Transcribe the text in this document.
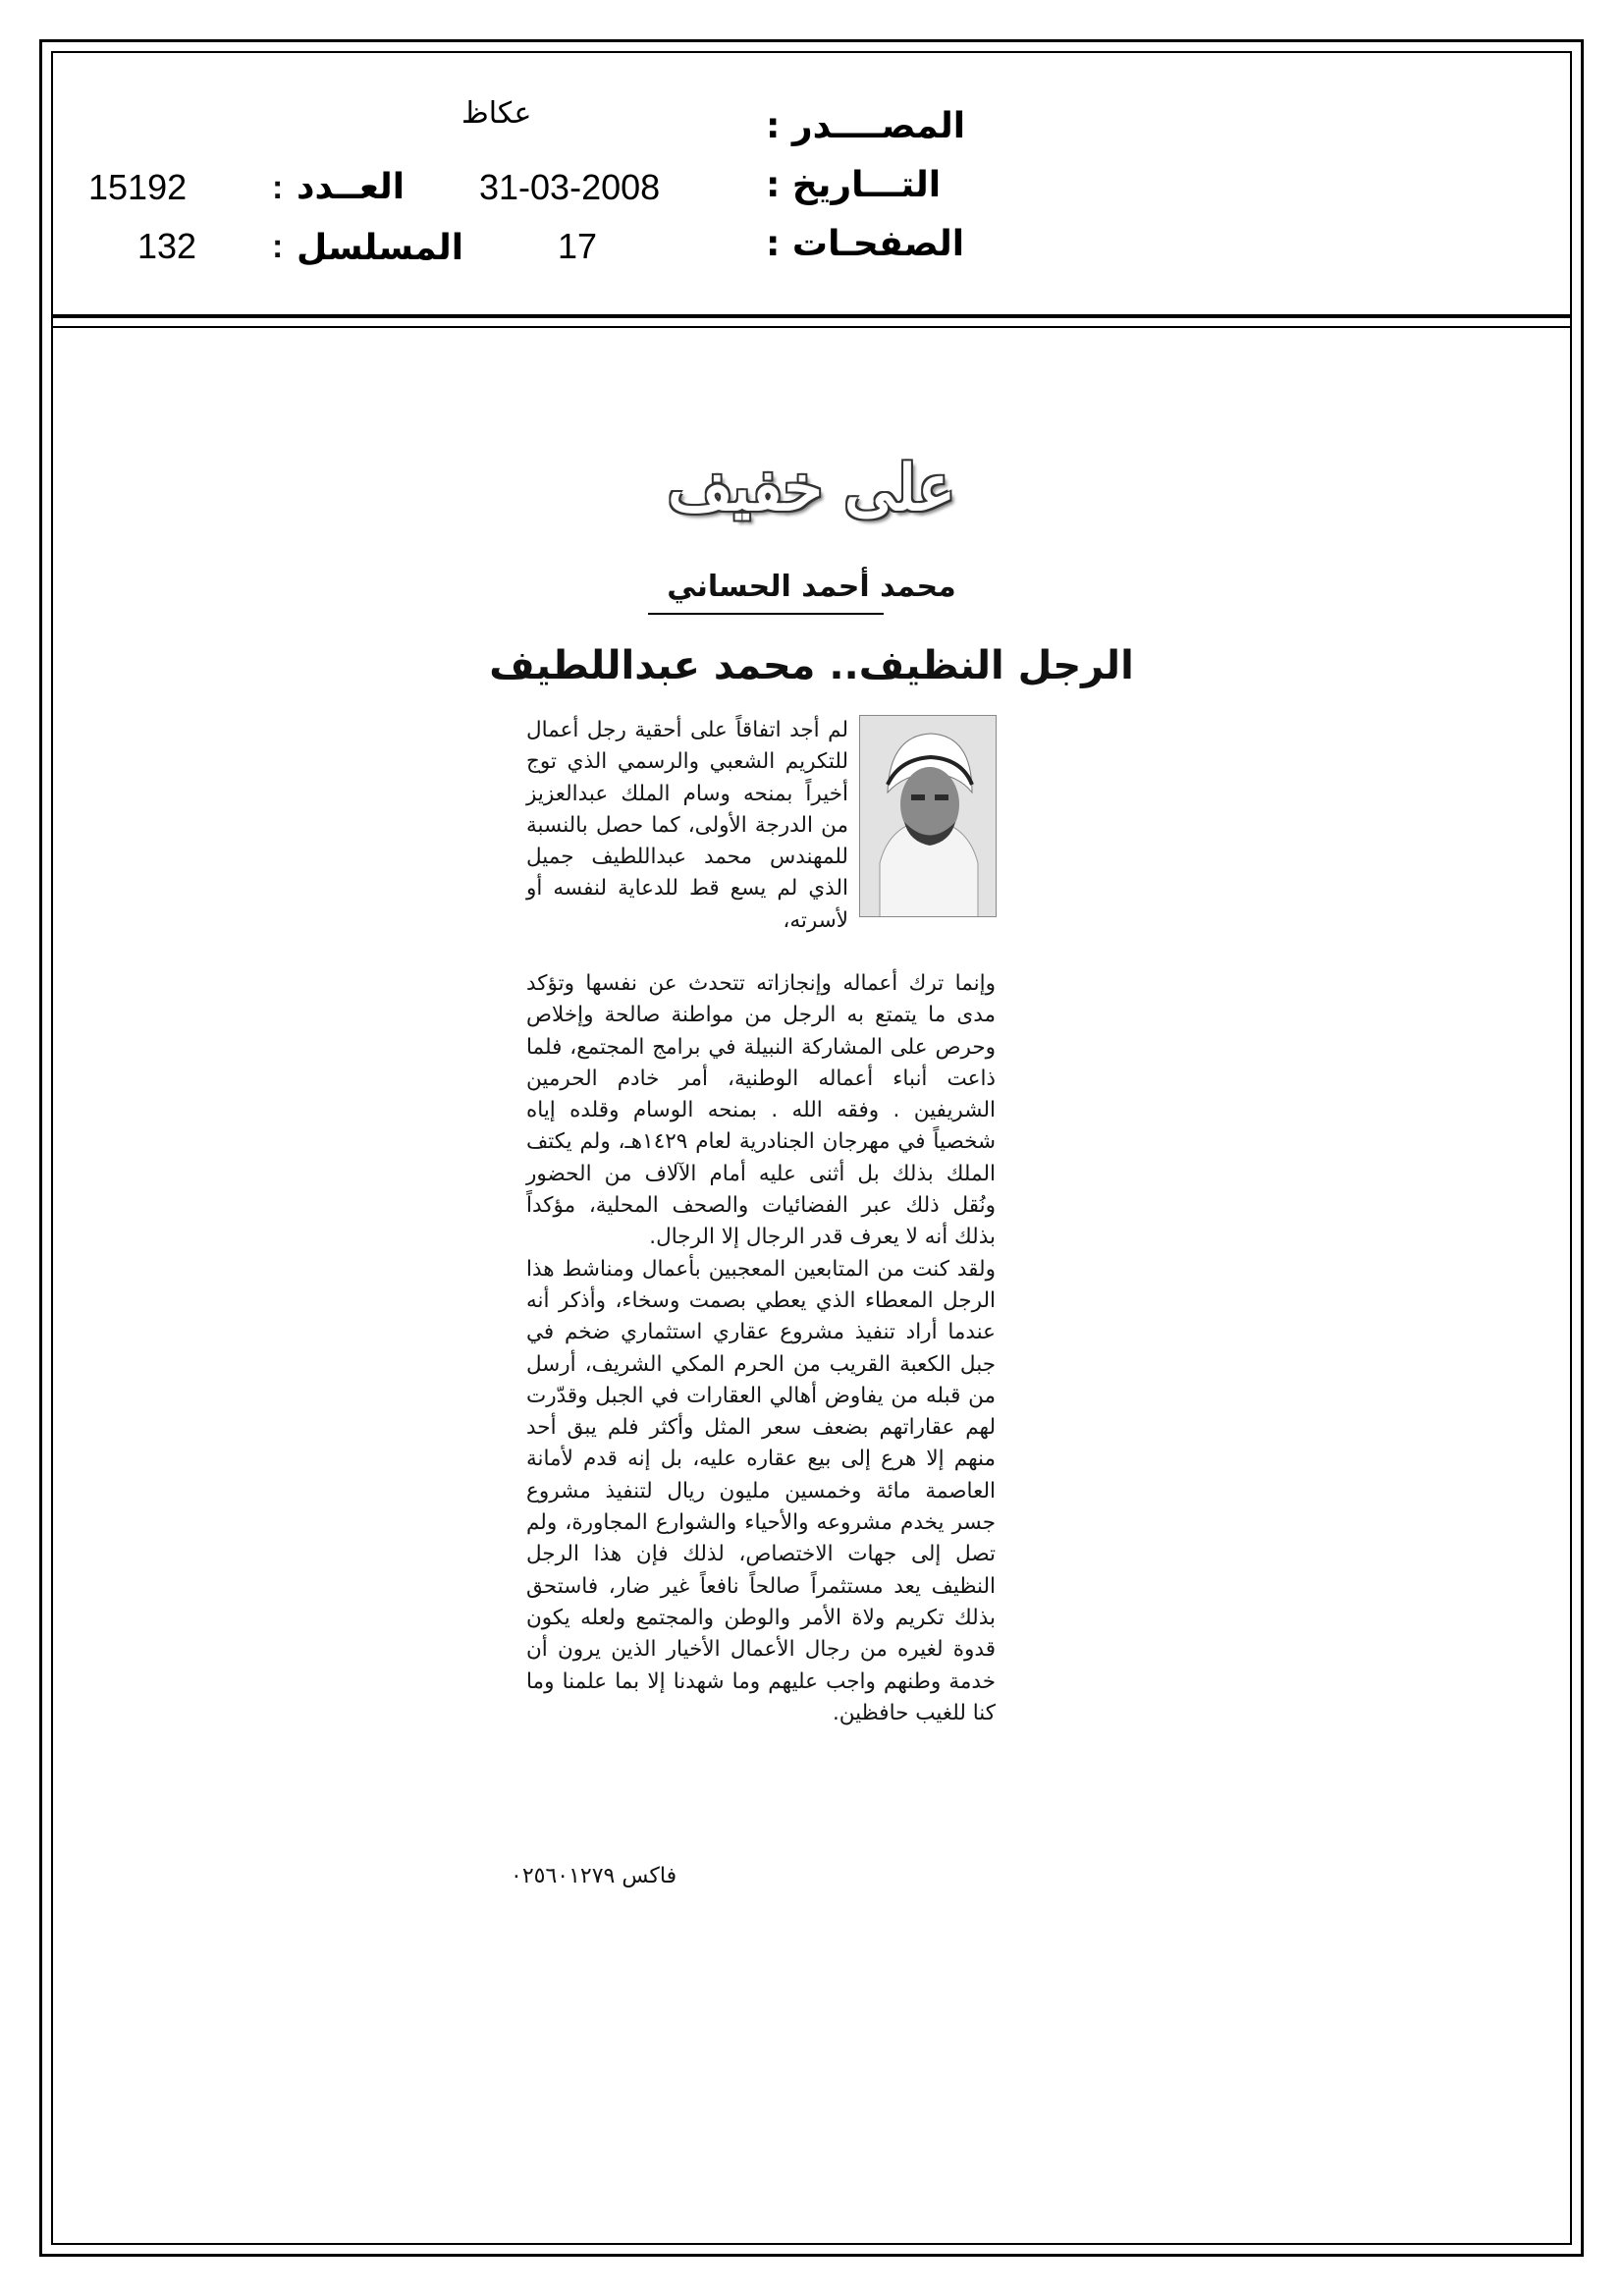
المصــــدر :
عكاظ
التـــاريخ :
31-03-2008
العــدد
:
15192
الصفحـات :
17
المسلسل
:
132
على خفيف
محمد أحمد الحساني
الرجل النظيف.. محمد عبداللطيف

لم أجد اتفاقاً على أحقية رجل أعمال للتكريم الشعبي والرسمي الذي توج أخيراً بمنحه وسام الملك عبدالعزيز من الدرجة الأولى، كما حصل بالنسبة للمهندس محمد عبداللطيف جميل الذي لم يسع قط للدعاية لنفسه أو لأسرته،

وإنما ترك أعماله وإنجازاته تتحدث عن نفسها وتؤكد مدى ما يتمتع به الرجل من مواطنة صالحة وإخلاص وحرص على المشاركة النبيلة في برامج المجتمع، فلما ذاعت أنباء أعماله الوطنية، أمر خادم الحرمين الشريفين . وفقه الله . بمنحه الوسام وقلده إياه شخصياً في مهرجان الجنادرية لعام ١٤٢٩هـ، ولم يكتف الملك بذلك بل أثنى عليه أمام الآلاف من الحضور ونُقل ذلك عبر الفضائيات والصحف المحلية، مؤكداً بذلك أنه لا يعرف قدر الرجال إلا الرجال.

ولقد كنت من المتابعين المعجبين بأعمال ومناشط هذا الرجل المعطاء الذي يعطي بصمت وسخاء، وأذكر أنه عندما أراد تنفيذ مشروع عقاري استثماري ضخم في جبل الكعبة القريب من الحرم المكي الشريف، أرسل من قبله من يفاوض أهالي العقارات في الجبل وقدّرت لهم عقاراتهم بضعف سعر المثل وأكثر فلم يبق أحد منهم إلا هرع إلى بيع عقاره عليه، بل إنه قدم لأمانة العاصمة مائة وخمسين مليون ريال لتنفيذ مشروع جسر يخدم مشروعه والأحياء والشوارع المجاورة، ولم تصل إلى جهات الاختصاص، لذلك فإن هذا الرجل النظيف يعد مستثمراً صالحاً نافعاً غير ضار، فاستحق بذلك تكريم ولاة الأمر والوطن والمجتمع ولعله يكون قدوة لغيره من رجال الأعمال الأخيار الذين يرون أن خدمة وطنهم واجب عليهم وما شهدنا إلا بما علمنا وما كنا للغيب حافظين.

فاكس ٠٢٥٦٠١٢٧٩
